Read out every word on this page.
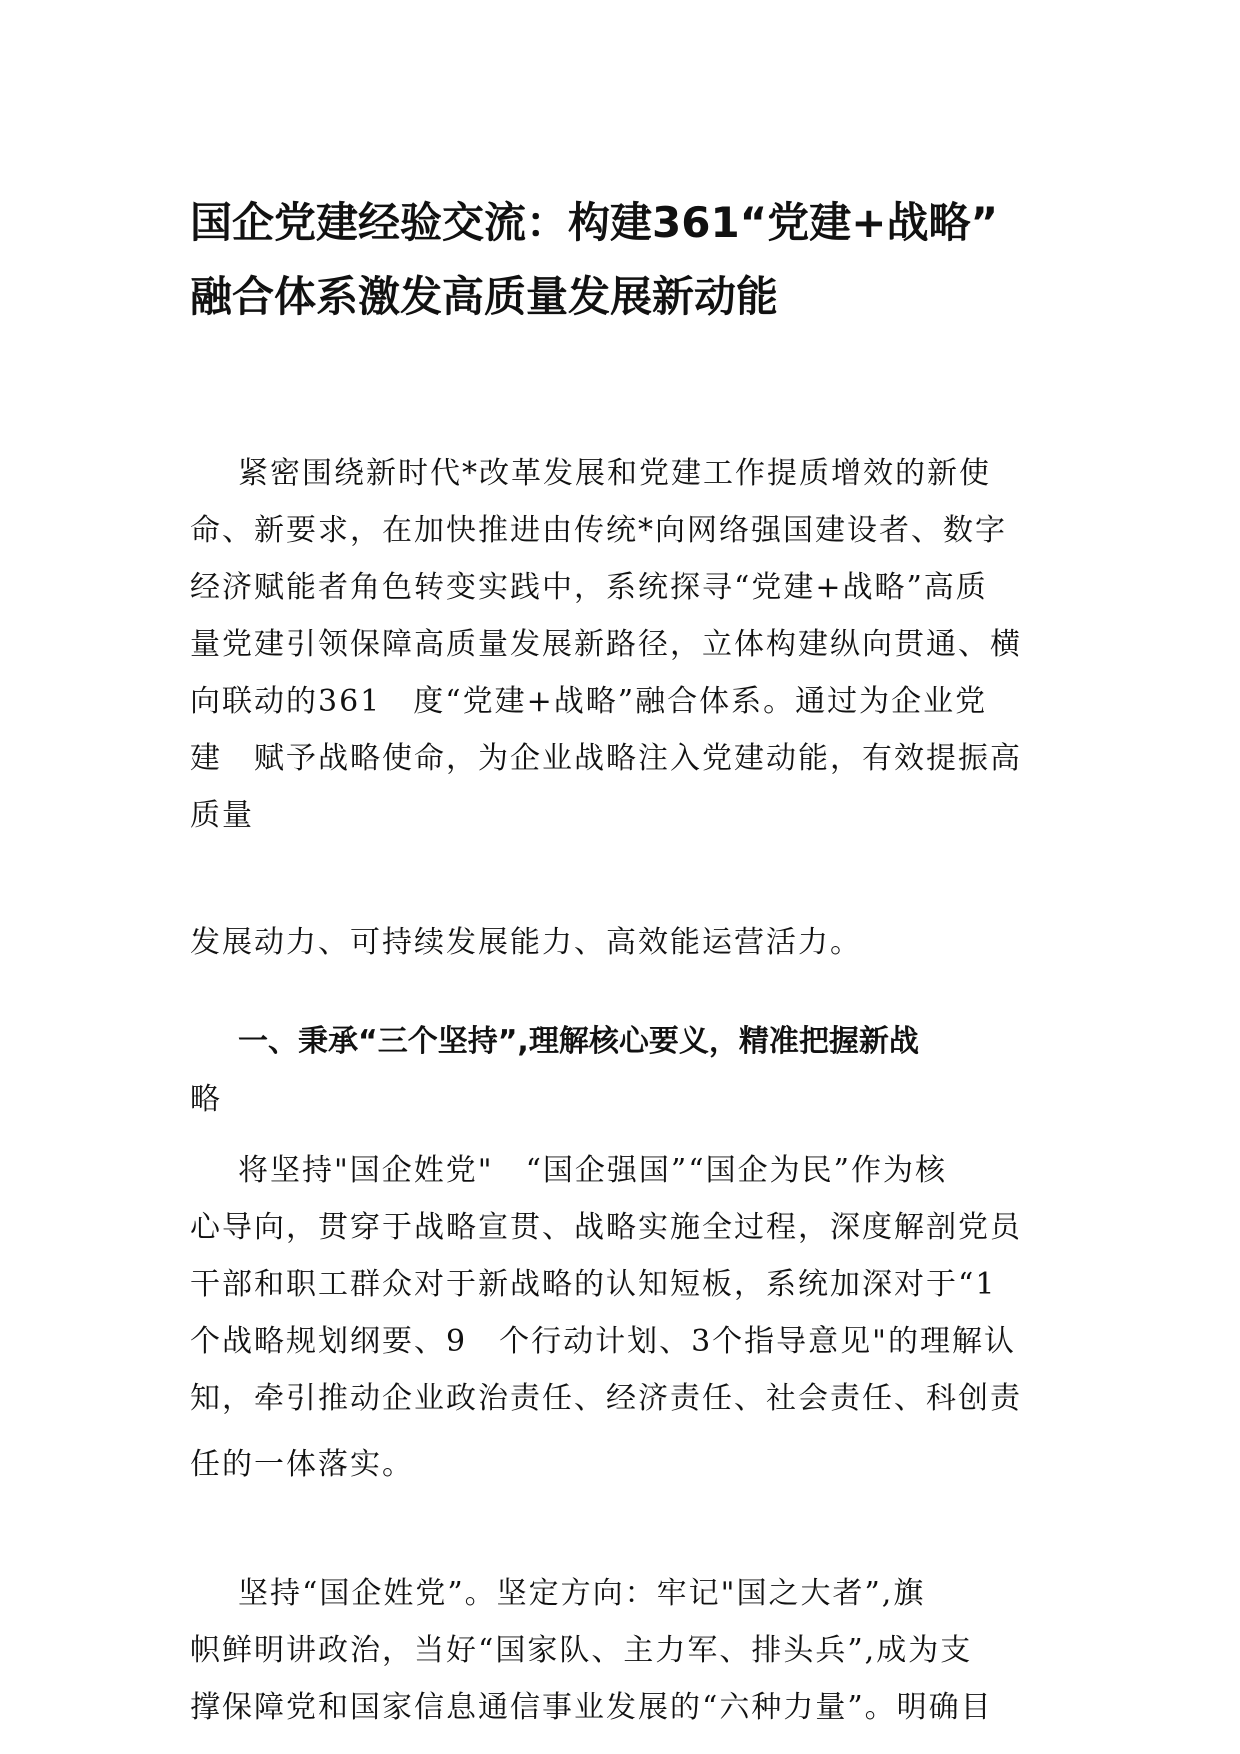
国企党建经验交流：构建361“党建+战略”
融合体系激发高质量发展新动能

紧密围绕新时代*改革发展和党建工作提质增效的新使
命、新要求，在加快推进由传统*向网络强国建设者、数字
经济赋能者角色转变实践中，系统探寻“党建+战略”高质
量党建引领保障高质量发展新路径，立体构建纵向贯通、横
向联动的361　度“党建+战略”融合体系。通过为企业党
建　赋予战略使命，为企业战略注入党建动能，有效提振高
质量

发展动力、可持续发展能力、高效能运营活力。

一、秉承“三个坚持”,理解核心要义，精准把握新战
略

将坚持"国企姓党"　“国企强国”“国企为民”作为核
心导向，贯穿于战略宣贯、战略实施全过程，深度解剖党员
干部和职工群众对于新战略的认知短板，系统加深对于“1
个战略规划纲要、9　个行动计划、3个指导意见"的理解认
知，牵引推动企业政治责任、经济责任、社会责任、科创责

任的一体落实。

坚持“国企姓党”。坚定方向：牢记"国之大者”,旗
帜鲜明讲政治，当好“国家队、主力军、排头兵”,成为支
撑保障党和国家信息通信事业发展的“六种力量”。明确目
